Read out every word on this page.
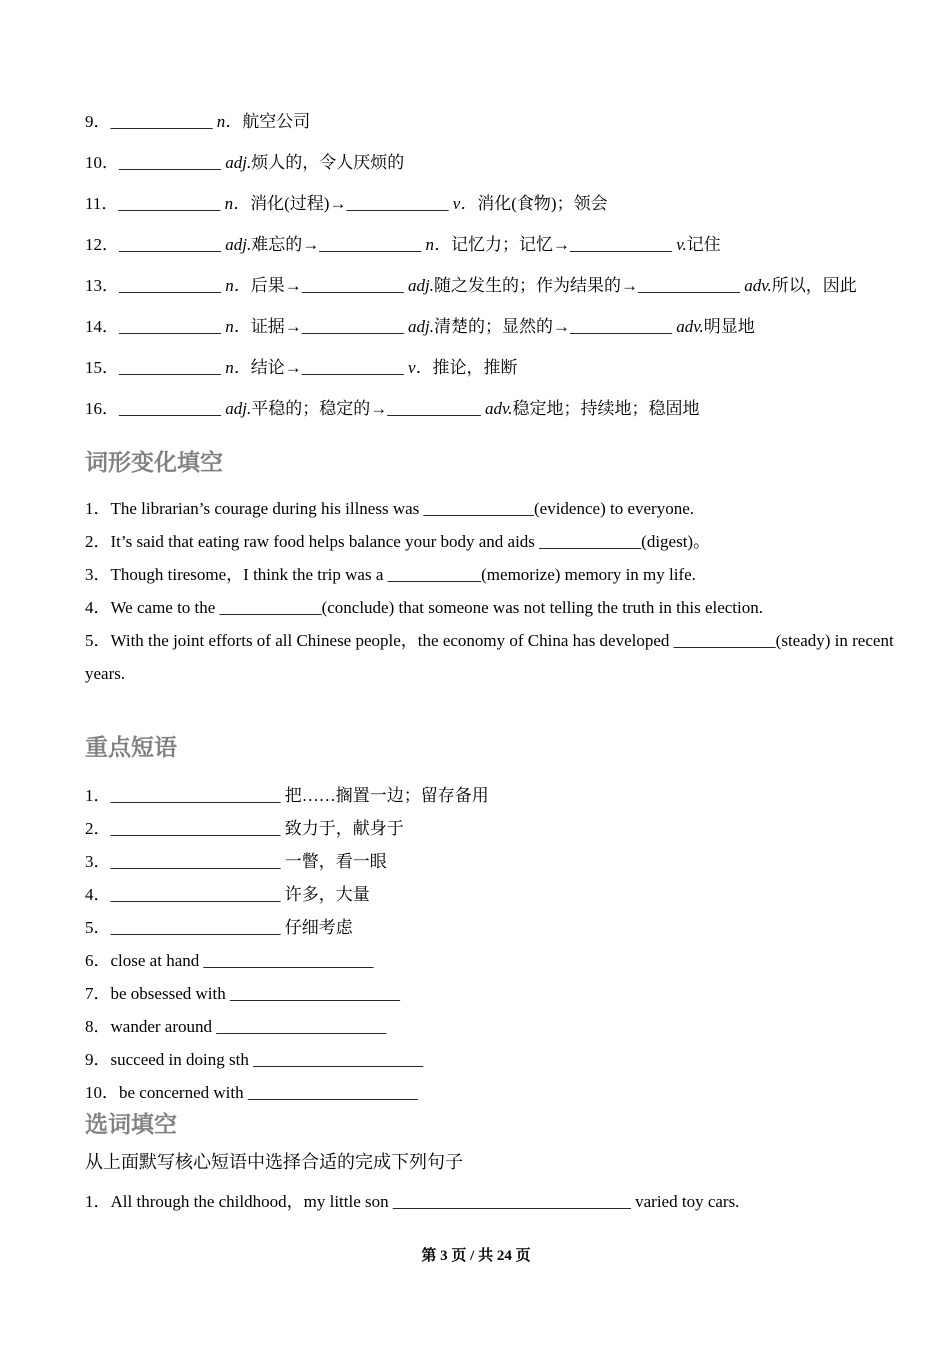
9．____________ n．航空公司
10．____________ adj.烦人的，令人厌烦的
11．____________ n．消化(过程)→____________ v．消化(食物)；领会
12．____________ adj.难忘的→____________ n．记忆力；记忆→____________ v.记住
13．____________ n．后果→____________ adj.随之发生的；作为结果的→____________ adv.所以，因此
14．____________ n．证据→____________ adj.清楚的；显然的→____________ adv.明显地
15．____________ n．结论→____________ v．推论，推断
16．____________ adj.平稳的；稳定的→___________ adv.稳定地；持续地；稳固地
词形变化填空
1．The librarian’s courage during his illness was _____________(evidence) to everyone.
2．It’s said that eating raw food helps balance your body and aids ____________(digest)。
3．Though tiresome，I think the trip was a ___________(memorize) memory in my life.
4．We came to the ____________(conclude) that someone was not telling the truth in this election.
5．With the joint efforts of all Chinese people，the economy of China has developed ____________(steady) in recent years.
重点短语
1．____________________ 把……搁置一边；留存备用
2．____________________ 致力于，献身于
3．____________________ 一瞥，看一眼
4．____________________ 许多，大量
5．____________________ 仔细考虑
6．close at hand ____________________
7．be obsessed with ____________________
8．wander around ____________________
9．succeed in doing sth ____________________
10．be concerned with ____________________
选词填空
从上面默写核心短语中选择合适的完成下列句子
1．All through the childhood，my little son ____________________________ varied toy cars.
第 3 页 / 共 24 页
